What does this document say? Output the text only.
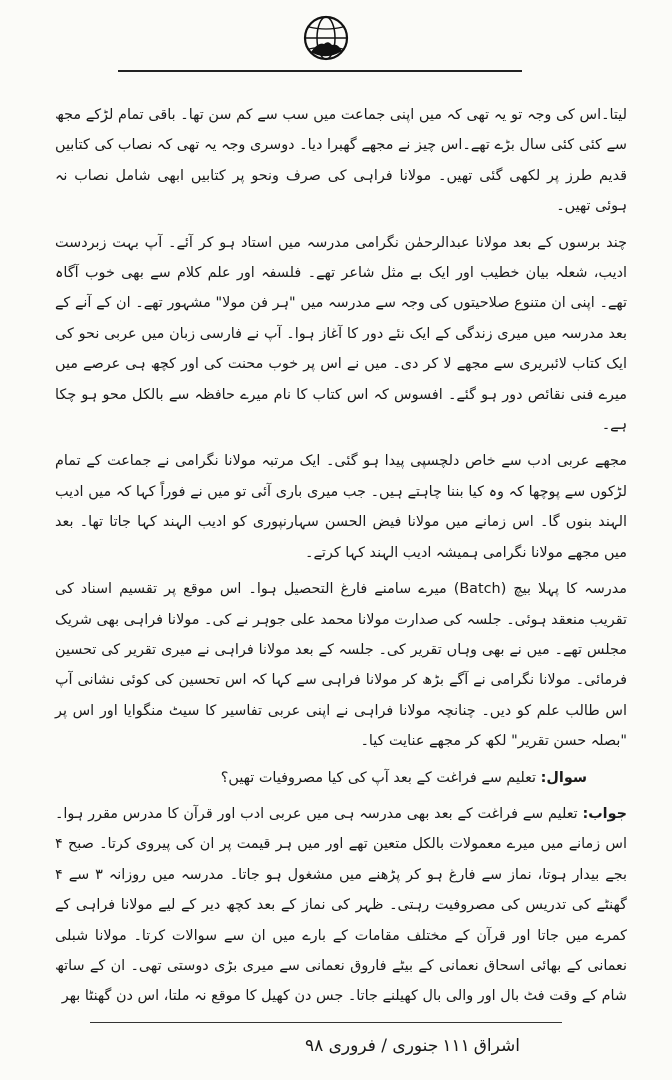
لیتا۔اس کی وجہ تو یہ تھی کہ میں اپنی جماعت میں سب سے کم سن تھا۔ باقی تمام لڑکے مجھ سے کئی کئی سال بڑے تھے۔اس چیز نے مجھے گھبرا دیا۔ دوسری وجہ یہ تھی کہ نصاب کی کتابیں قدیم طرز پر لکھی گئی تھیں۔ مولانا فراہی کی صرف ونحو پر کتابیں ابھی شامل نصاب نہ ہوئی تھیں۔

چند برسوں کے بعد مولانا عبدالرحمٰن نگرامی مدرسہ میں استاد ہو کر آئے۔ آپ بہت زبردست ادیب، شعلہ بیان خطیب اور ایک بے مثل شاعر تھے۔ فلسفہ اور علم کلام سے بھی خوب آگاہ تھے۔ اپنی ان متنوع صلاحیتوں کی وجہ سے مدرسہ میں "ہر فن مولا" مشہور تھے۔ ان کے آنے کے بعد مدرسہ میں میری زندگی کے ایک نئے دور کا آغاز ہوا۔ آپ نے فارسی زبان میں عربی نحو کی ایک کتاب لائبریری سے مجھے لا کر دی۔ میں نے اس پر خوب محنت کی اور کچھ ہی عرصے میں میرے فنی نقائص دور ہو گئے۔ افسوس کہ اس کتاب کا نام میرے حافظہ سے بالکل محو ہو چکا ہے۔

مجھے عربی ادب سے خاص دلچسپی پیدا ہو گئی۔ ایک مرتبہ مولانا نگرامی نے جماعت کے تمام لڑکوں سے پوچھا کہ وہ کیا بننا چاہتے ہیں۔ جب میری باری آئی تو میں نے فوراً کہا کہ میں ادیب الہند بنوں گا۔ اس زمانے میں مولانا فیض الحسن سہارنپوری کو ادیب الہند کہا جاتا تھا۔ بعد میں مجھے مولانا نگرامی ہمیشہ ادیب الہند کہا کرتے۔

مدرسہ کا پہلا بیچ (Batch) میرے سامنے فارغ التحصیل ہوا۔ اس موقع پر تقسیم اسناد کی تقریب منعقد ہوئی۔ جلسہ کی صدارت مولانا محمد علی جوہر نے کی۔ مولانا فراہی بھی شریک مجلس تھے۔ میں نے بھی وہاں تقریر کی۔ جلسہ کے بعد مولانا فراہی نے میری تقریر کی تحسین فرمائی۔ مولانا نگرامی نے آگے بڑھ کر مولانا فراہی سے کہا کہ اس تحسین کی کوئی نشانی آپ اس طالب علم کو دیں۔ چنانچہ مولانا فراہی نے اپنی عربی تفاسیر کا سیٹ منگوایا اور اس پر "بصلہ حسن تقریر" لکھ کر مجھے عنایت کیا۔

سوال: تعلیم سے فراغت کے بعد آپ کی کیا مصروفیات تھیں؟

جواب: تعلیم سے فراغت کے بعد بھی مدرسہ ہی میں عربی ادب اور قرآن کا مدرس مقرر ہوا۔ اس زمانے میں میرے معمولات بالکل متعین تھے اور میں ہر قیمت پر ان کی پیروی کرتا۔ صبح ۴ بجے بیدار ہوتا، نماز سے فارغ ہو کر پڑھنے میں مشغول ہو جاتا۔ مدرسہ میں روزانہ ۳ سے ۴ گھنٹے کی تدریس کی مصروفیت رہتی۔ ظہر کی نماز کے بعد کچھ دیر کے لیے مولانا فراہی کے کمرے میں جاتا اور قرآن کے مختلف مقامات کے بارے میں ان سے سوالات کرتا۔ مولانا شبلی نعمانی کے بھائی اسحاق نعمانی کے بیٹے فاروق نعمانی سے میری بڑی دوستی تھی۔ ان کے ساتھ شام کے وقت فٹ بال اور والی بال کھیلنے جاتا۔ جس دن کھیل کا موقع نہ ملتا، اس دن گھنٹا بھر

اشراق
۱۱۱
جنوری / فروری ۹۸
